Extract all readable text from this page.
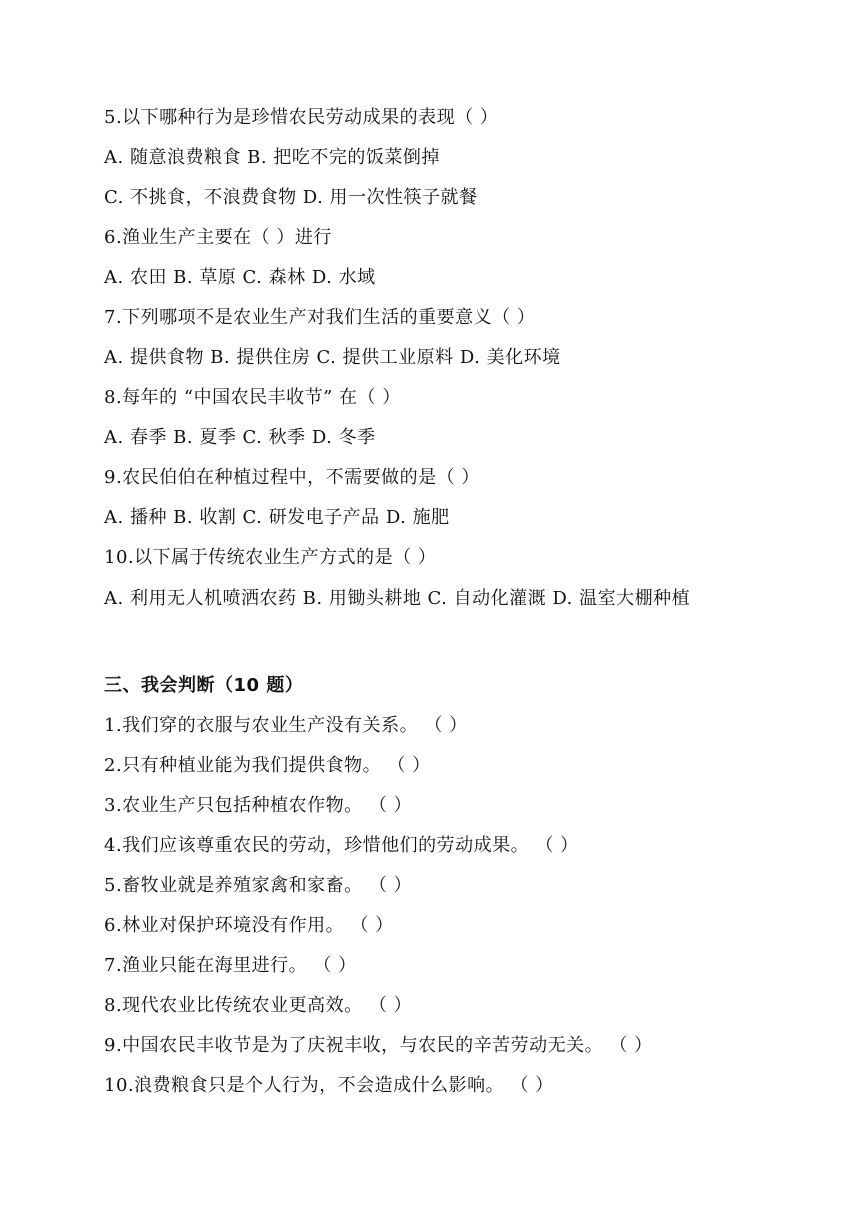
5.以下哪种行为是珍惜农民劳动成果的表现（ ）
A. 随意浪费粮食 B. 把吃不完的饭菜倒掉
C. 不挑食，不浪费食物 D. 用一次性筷子就餐
6.渔业生产主要在（ ）进行
A. 农田 B. 草原 C. 森林 D. 水域
7.下列哪项不是农业生产对我们生活的重要意义（ ）
A. 提供食物 B. 提供住房 C. 提供工业原料 D. 美化环境
8.每年的 “中国农民丰收节” 在（ ）
A. 春季 B. 夏季 C. 秋季 D. 冬季
9.农民伯伯在种植过程中，不需要做的是（ ）
A. 播种 B. 收割 C. 研发电子产品 D. 施肥
10.以下属于传统农业生产方式的是（ ）
A. 利用无人机喷洒农药 B. 用锄头耕地 C. 自动化灌溉 D. 温室大棚种植
三、我会判断（10 题）
1.我们穿的衣服与农业生产没有关系。 （ ）
2.只有种植业能为我们提供食物。 （ ）
3.农业生产只包括种植农作物。 （ ）
4.我们应该尊重农民的劳动，珍惜他们的劳动成果。 （ ）
5.畜牧业就是养殖家禽和家畜。 （ ）
6.林业对保护环境没有作用。 （ ）
7.渔业只能在海里进行。 （ ）
8.现代农业比传统农业更高效。 （ ）
9.中国农民丰收节是为了庆祝丰收，与农民的辛苦劳动无关。 （ ）
10.浪费粮食只是个人行为，不会造成什么影响。 （ ）
